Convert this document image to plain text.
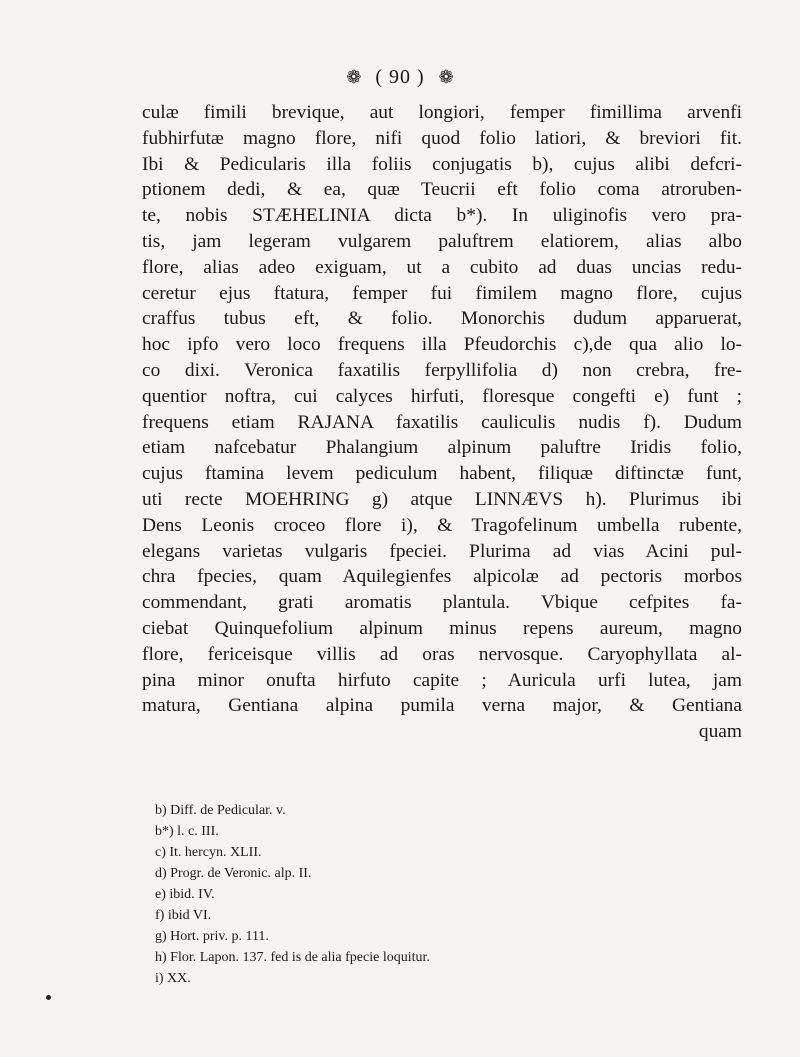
❁ ( 90 ) ❁
culæ fimili brevique, aut longiori, femper fimillima arvenfi
fubhirfutæ magno flore, nifi quod folio latiori, & breviori fit.
Ibi & Pedicularis illa foliis conjugatis b), cujus alibi defcri-
ptionem dedi, & ea, quæ Teucrii eft folio coma atroruben-
te, nobis STÆHELINIA dicta b*). In uliginofis vero pra-
tis, jam legeram vulgarem paluftrem elatiorem, alias albo
flore, alias adeo exiguam, ut a cubito ad duas uncias redu-
ceretur ejus ftatura, femper fui fimilem magno flore, cujus
craffus tubus eft, & folio. Monorchis dudum apparuerat,
hoc ipfo vero loco frequens illa Pfeudorchis c),de qua alio lo-
co dixi. Veronica faxatilis ferpyllifolia d) non crebra, fre-
quentior noftra, cui calyces hirfuti, floresque congefti e) funt ;
frequens etiam RAJANA faxatilis cauliculis nudis f). Dudum
etiam nafcebatur Phalangium alpinum paluftre Iridis folio,
cujus ftamina levem pediculum habent, filiquæ diftinctæ funt,
uti recte MOEHRING g) atque LINNÆVS h). Plurimus ibi
Dens Leonis croceo flore i), & Tragofelinum umbella rubente,
elegans varietas vulgaris fpeciei. Plurima ad vias Acini pul-
chra fpecies, quam Aquilegienfes alpicolæ ad pectoris morbos
commendant, grati aromatis plantula. Vbique cefpites fa-
ciebat Quinquefolium alpinum minus repens aureum, magno
flore, fericeisque villis ad oras nervosque. Caryophyllata al-
pina minor onufta hirfuto capite ; Auricula urfi lutea, jam
matura, Gentiana alpina pumila verna major, & Gentiana
quam
b) Diff. de Pedicular. v.
b*) l. c. III.
c) It. hercyn. XLII.
d) Progr. de Veronic. alp. II.
e) ibid. IV.
f) ibid VI.
g) Hort. priv. p. 111.
h) Flor. Lapon. 137. fed is de alia fpecie loquitur.
i) XX.
